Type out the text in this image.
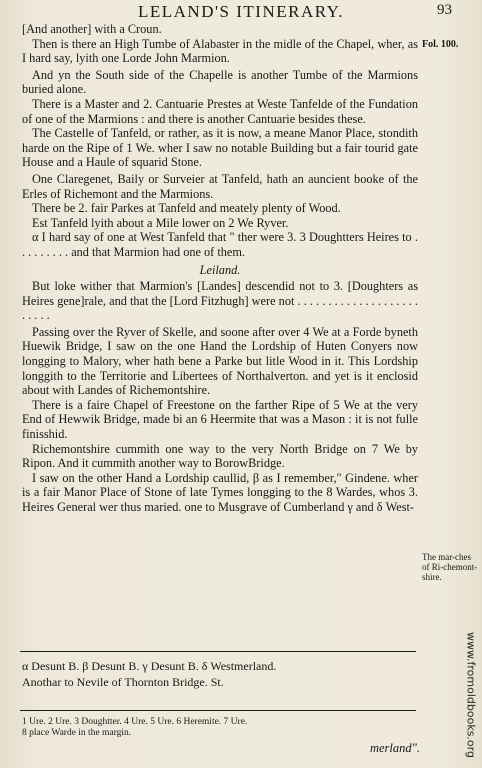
LELAND'S ITINERARY.	93
Fol. 100.
The mar-ches of Ri-chemont-shire.

[And another] with a Croun.

Then is there an High Tumbe of Alabaster in the midle of the Chapel, wher, as I hard say, lyith one Lorde John Marmion.

And yn the South side of the Chapelle is another Tumbe of the Marmions buried alone.

There is a Master and 2. Cantuarie Prestes at Weste Tanfelde of the Fundation of one of the Marmions : and there is another Cantuarie besides these.

The Castelle of Tanfeld, or rather, as it is now, a meane Manor Place, stondith harde on the Ripe of 1 We. wher I saw no notable Building but a fair tourid gate House and a Haule of squarid Stone.

One Claregenet, Baily or Surveier at Tanfeld, hath an auncient booke of the Erles of Richemont and the Marmions.

There be 2. fair Parkes at Tanfeld and meately plenty of Wood.

Est Tanfeld lyith about a Mile lower on 2 We Ryver.

α I hard say of one at West Tanfeld that " ther were 3. 3 Doughtters Heires to . . . . . . . . . and that Marmion had one of them.

Leiland.

But loke wither that Marmion's [Landes] descendid not to 3. [Doughters as Heires gene]rale, and that the [Lord Fitzhugh] were not . . . . . . . . . . . . . . . . . . . . . . . . .

Passing over the Ryver of Skelle, and soone after over 4 We at a Forde byneth Huewik Bridge, I saw on the one Hand the Lordship of Huten Conyers now longging to Malory, wher hath bene a Parke but litle Wood in it. This Lordship longgith to the Territorie and Libertees of Northalverton. and yet is it enclosid about with Landes of Richemontshire.

There is a faire Chapel of Freestone on the farther Ripe of 5 We at the very End of Hewwik Bridge, made bi an 6 Heermite that was a Mason : it is not fulle finisshid.

Richemontshire cummith one way to the very North Bridge on 7 We by Ripon. And it cummith another way to BorowBridge.

I saw on the other Hand a Lordship caullid, β as I remember," Gindene. wher is a fair Manor Place of Stone of late Tymes longging to the 8 Wardes, whos 3. Heires General wer thus maried. one to Musgrave of Cumberland γ and δ West-

www.fromoldbooks.org
α Desunt B. β Desunt B. γ Desunt B. δ Westmerland.
Anothar to Nevile of Thornton Bridge. St.
1 Ure. 2 Ure. 3 Doughtter. 4 Ure. 5 Ure. 6 Heremite. 7 Ure.
8 place Warde in the margin.
merland".
